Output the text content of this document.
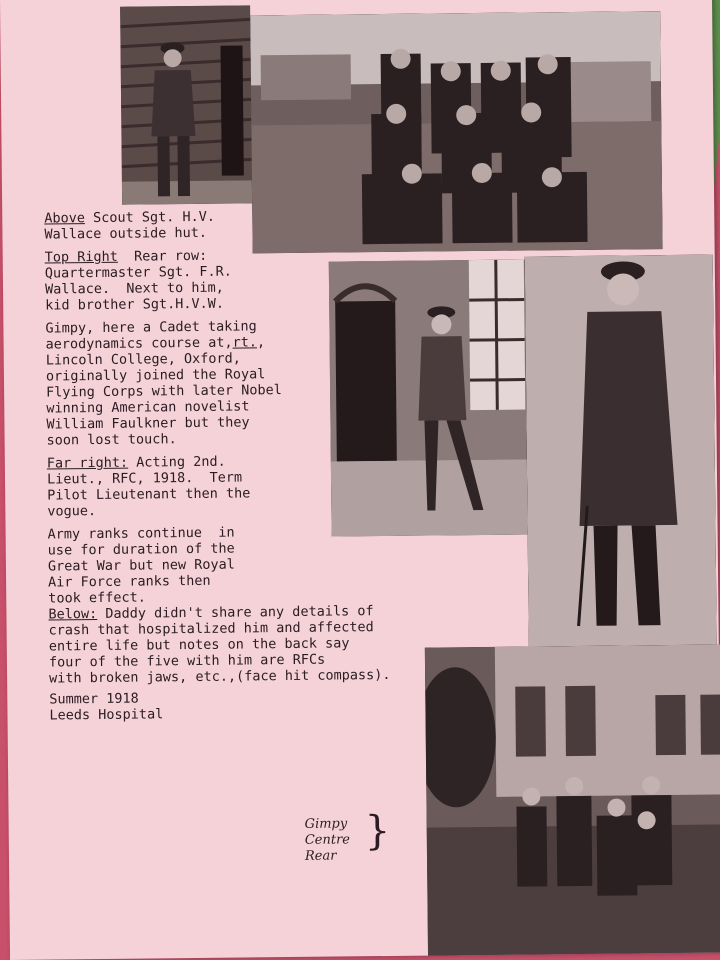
Above Scout Sgt. H.V.

Wallace outside hut.

Top Right  Rear row:

Quartermaster Sgt. F.R.

Wallace.  Next to him,

kid brother Sgt.H.V.W.

Gimpy, here a Cadet taking

aerodynamics course at,rt.,

Lincoln College, Oxford,

originally joined the Royal

Flying Corps with later Nobel

winning American novelist

William Faulkner but they

soon lost touch.

Far right: Acting 2nd.

Lieut., RFC, 1918.  Term

Pilot Lieutenant then the

vogue.

Army ranks continue  in

use for duration of the

Great War but new Royal

Air Force ranks then

took effect.

Below: Daddy didn't share any details of

crash that hospitalized him and affected

entire life but notes on the back say

four of the five with him are RFCs

with broken jaws, etc.,(face hit compass).

Summer 1918

Leeds Hospital

Gimpy
Centre
Rear
}
